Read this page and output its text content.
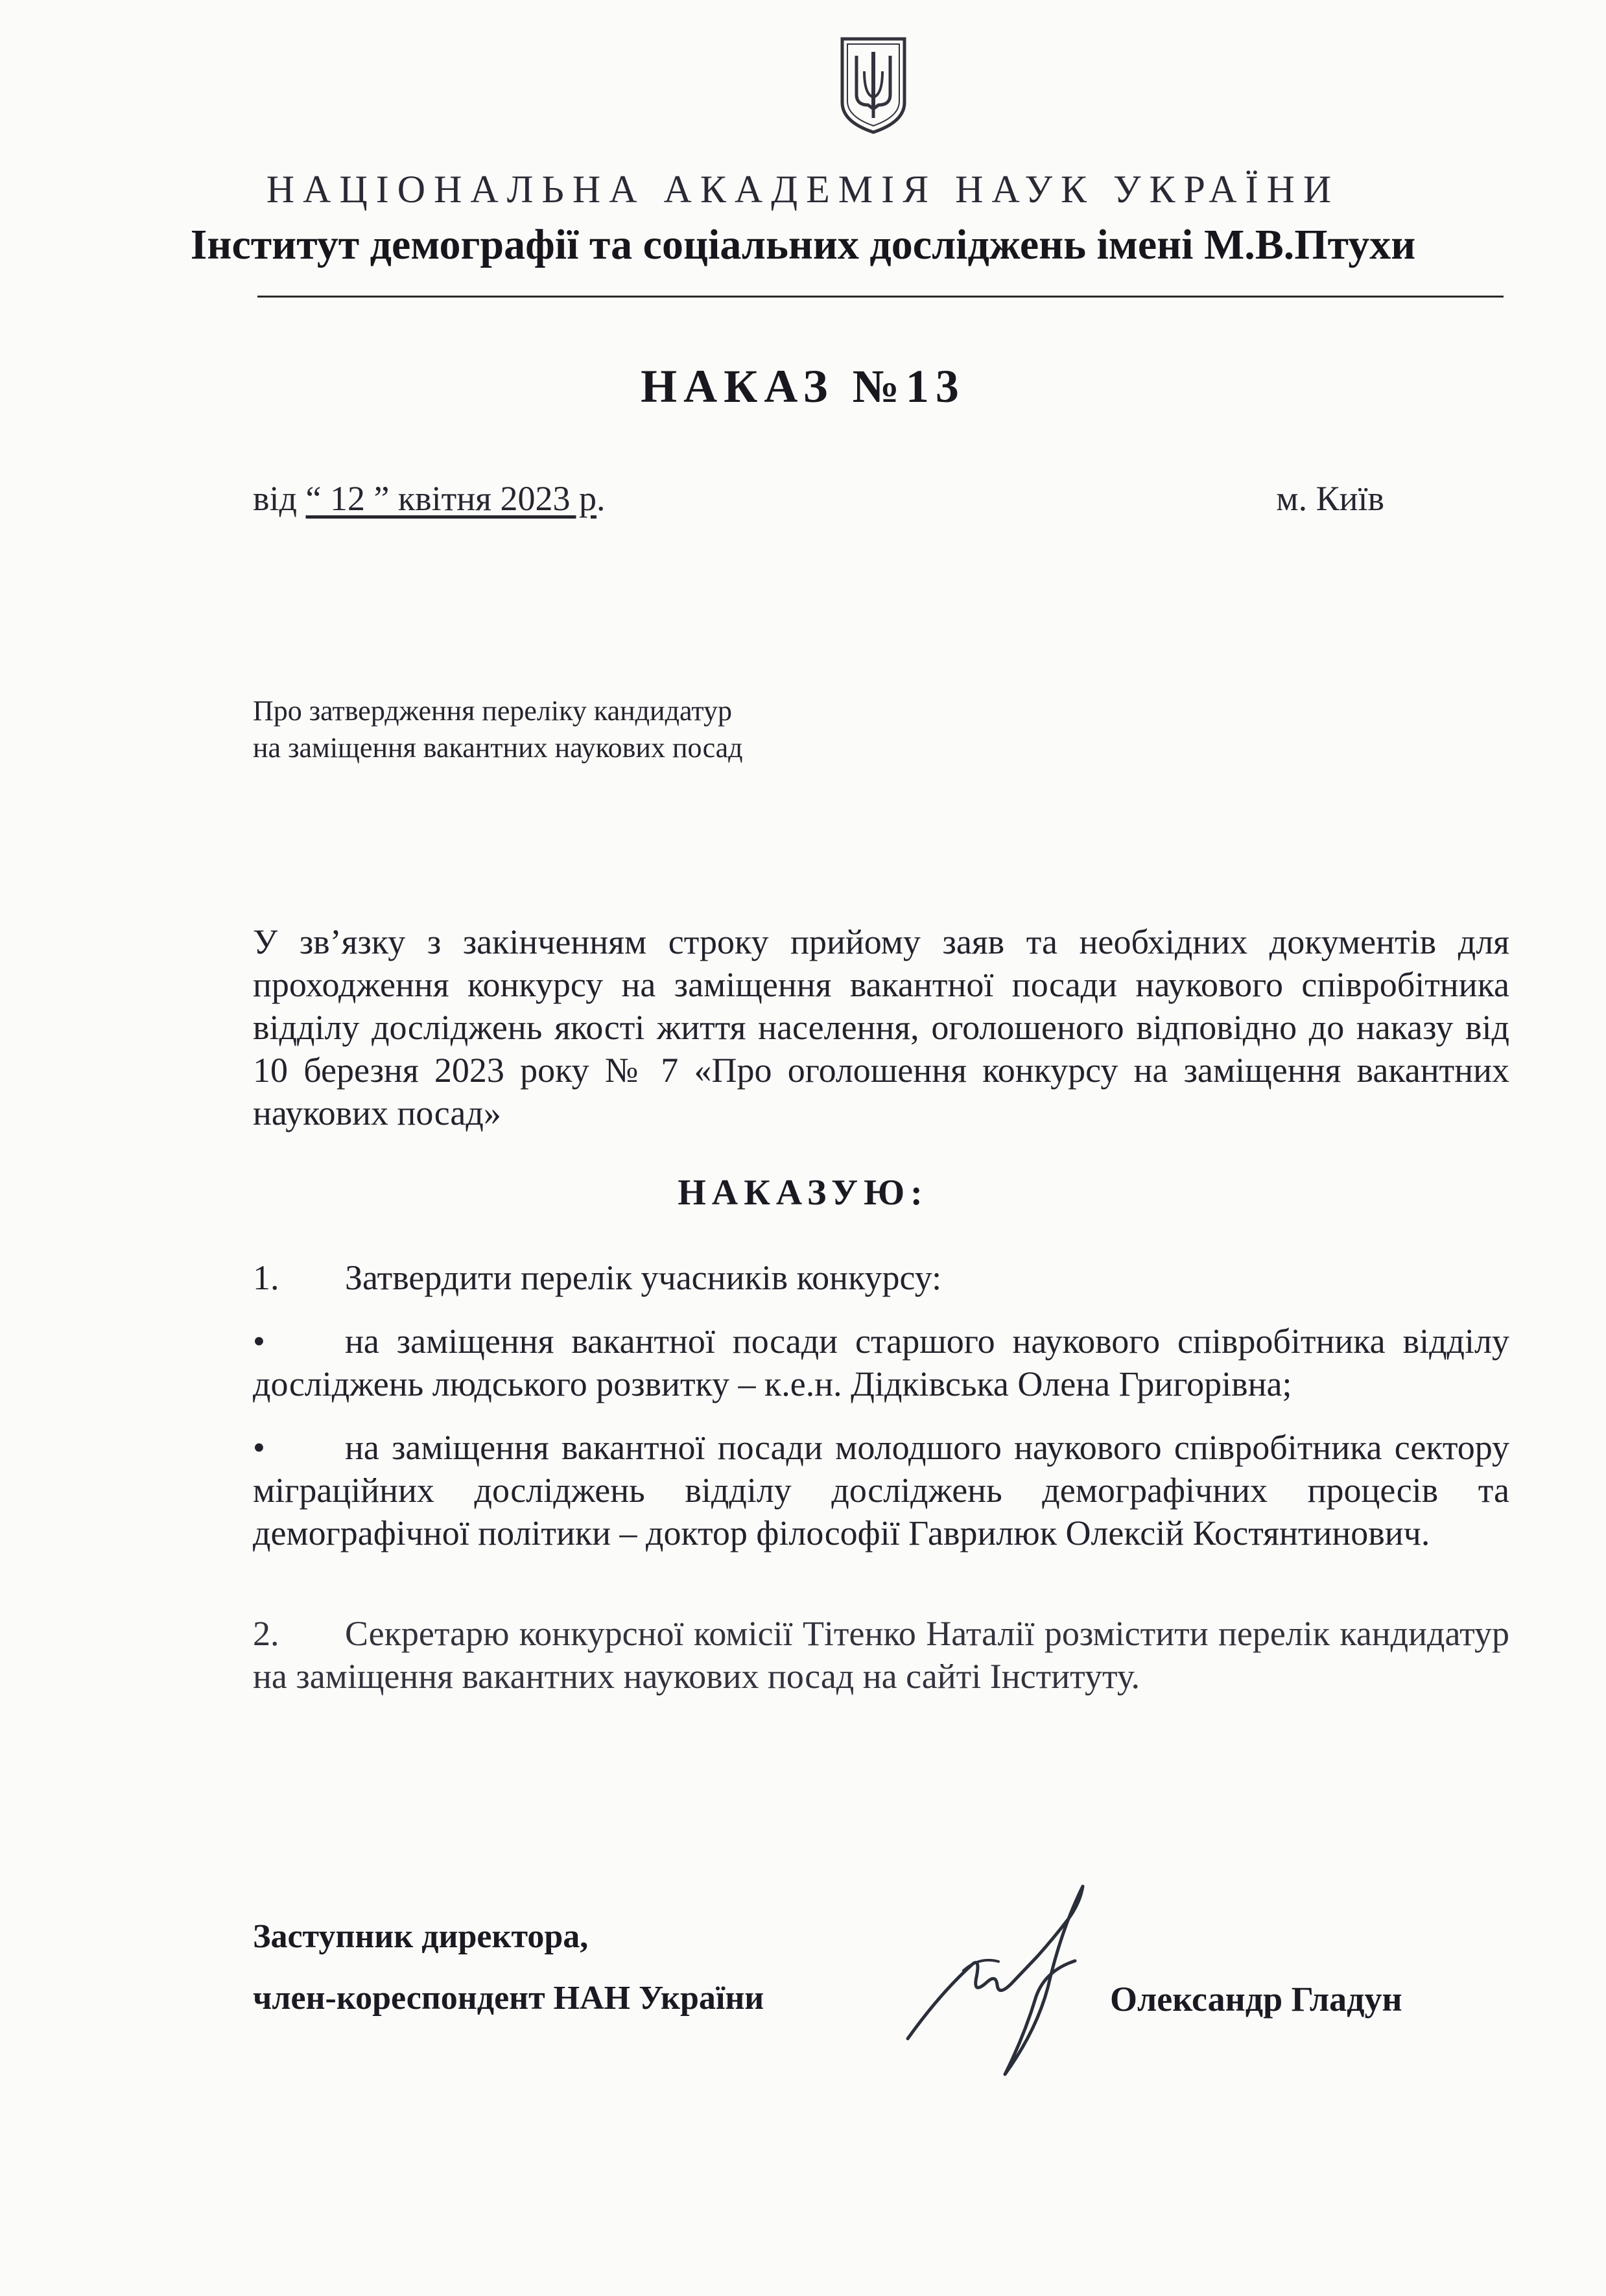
НАЦІОНАЛЬНА АКАДЕМІЯ НАУК УКРАЇНИ
Інститут демографії та соціальних досліджень імені М.В.Птухи
НАКАЗ №13
від “ 12 ” квітня 2023 р.	м. Київ
Про затвердження переліку кандидатур
на заміщення вакантних наукових посад
У зв’язку з закінченням строку прийому заяв та необхідних документів для проходження конкурсу на заміщення вакантної посади наукового співробітника відділу досліджень якості життя населення, оголошеного відповідно до наказу від 10 березня 2023 року № 7 «Про оголошення конкурсу на заміщення вакантних наукових посад»
НАКАЗУЮ:
1. Затвердити перелік учасників конкурсу:
• на заміщення вакантної посади старшого наукового співробітника відділу досліджень людського розвитку – к.е.н. Дідківська Олена Григорівна;
• на заміщення вакантної посади молодшого наукового співробітника сектору міграційних досліджень відділу досліджень демографічних процесів та демографічної політики – доктор філософії Гаврилюк Олексій Костянтинович.
2. Секретарю конкурсної комісії Тітенко Наталії розмістити перелік кандидатур на заміщення вакантних наукових посад на сайті Інституту.
Заступник директора,
член-кореспондент НАН України	Олександр Гладун
